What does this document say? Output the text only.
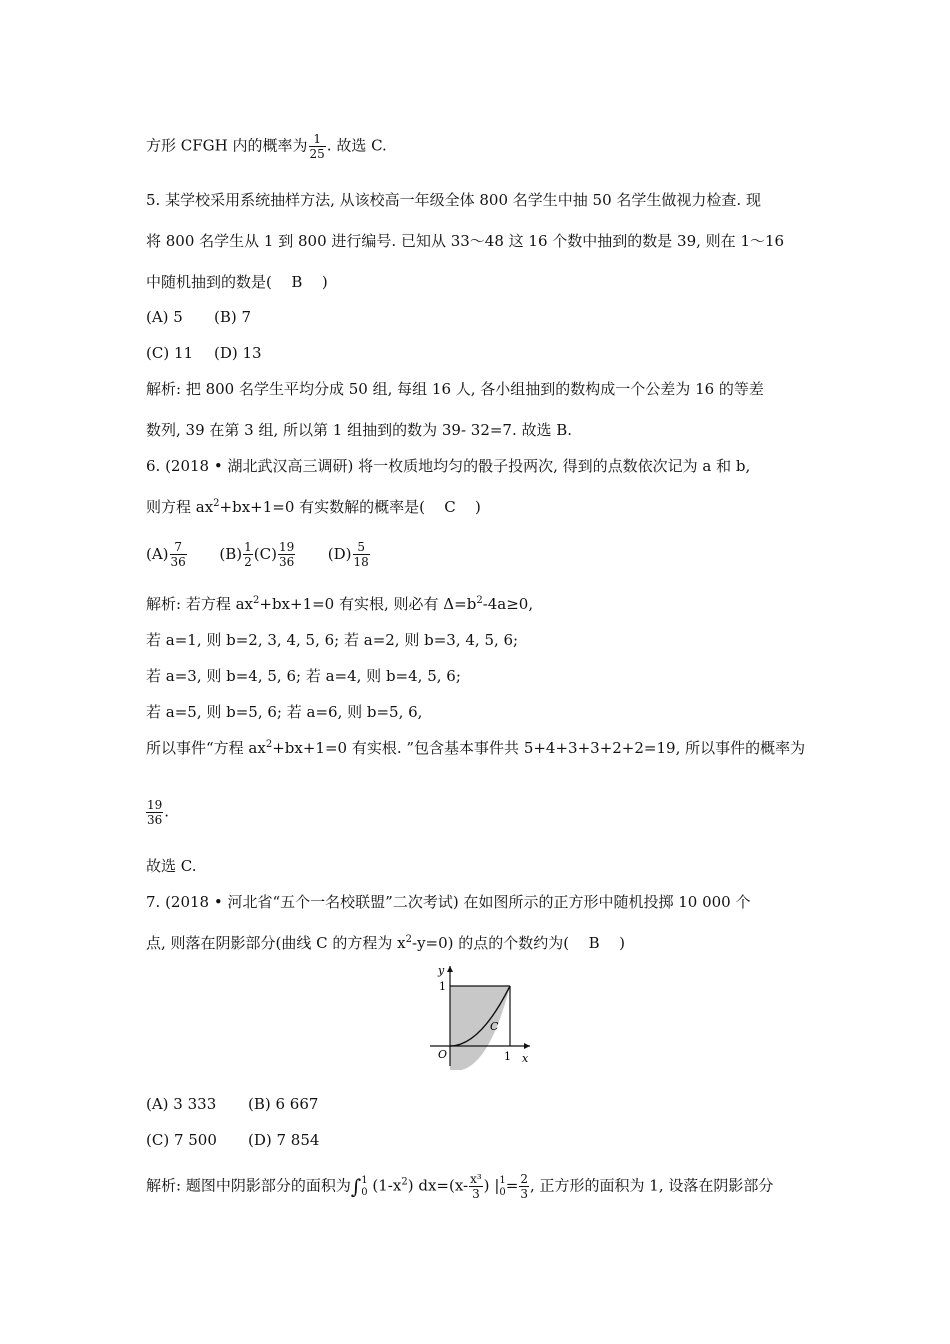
方形 CFGH 内的概率为 $\frac{1}{25}$ . 故选 C.
5. 某学校采用系统抽样方法, 从该校高一年级全体 800 名学生中抽 50 名学生做视力检查. 现
将 800 名学生从 1 到 800 进行编号. 已知从 33～48 这 16 个数中抽到的数是 39, 则在 1～16
中随机抽到的数是( B )
(A) 5 (B) 7
(C) 11 (D) 13
解析: 把 800 名学生平均分成 50 组, 每组 16 人, 各小组抽到的数构成一个公差为 16 的等差
数列, 39 在第 3 组, 所以第 1 组抽到的数为 39- 32=7. 故选 B.
6. (2018 • 湖北武汉高三调研) 将一枚质地均匀的骰子投两次, 得到的点数依次记为 a 和 b,
则方程 $ax^2+bx+1=0$ 有实数解的概率是( C )
$(A) \frac{7}{36} (B) \frac{1}{2} (C) \frac{19}{36} (D) \frac{5}{18}$
解析: 若方程 $ax^2+bx+1=0$ 有实根, 则必有 $\Delta=b^2-4a\ge 0$,
若 a=1, 则 b=2, 3, 4, 5, 6; 若 a=2, 则 b=3, 4, 5, 6;
若 a=3, 则 b=4, 5, 6; 若 a=4, 则 b=4, 5, 6;
若 a=5, 则 b=5, 6; 若 a=6, 则 b=5, 6,
所以事件“方程 $ax^2+bx+1=0$ 有实根. ”包含基本事件共 5+4+3+3+2+2=19, 所以事件的概率为
$\frac{19}{36}$ .
故选 C.
7. (2018 • 河北省“五个一名校联盟”二次考试) 在如图所示的正方形中随机投掷 10 000 个
点, 则落在阴影部分(曲线 C 的方程为 $x^2-y=0$) 的点的个数约为( B )
y
x
O
1
1
C
(A) 3 333 (B) 6 667
(C) 7 500 (D) 7 854
解析: 题图中阴影部分的面积为∫ 1
0 $(1-x^2)$ $dx=(x- \frac{\text{x³}}{3}$ ) | 1
$0 = \frac{2}{3}$ , 正方形的面积为 1, 设落在阴影部分
